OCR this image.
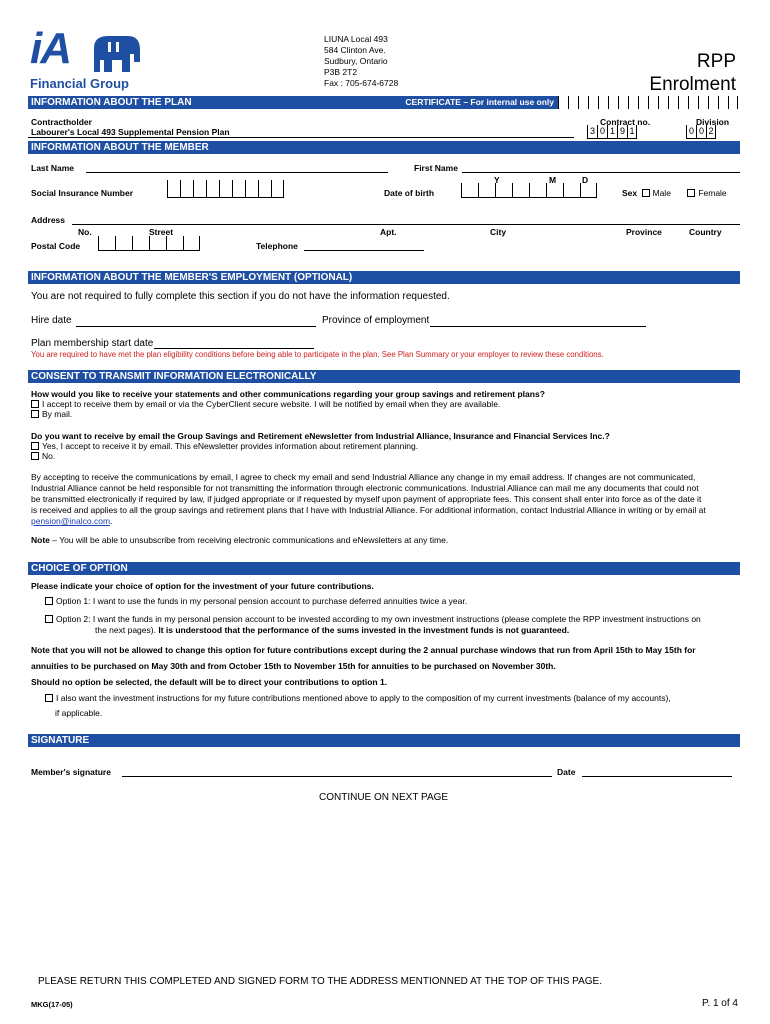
iA
Financial Group
LIUNA Local 493
584 Clinton Ave.
Sudbury, Ontario
P3B 2T2
Fax : 705-674-6728
RPP
Enrolment
INFORMATION ABOUT THE PLAN	CERTIFICATE – For internal use only
Contractholder
Labourer's Local 493 Supplemental Pension Plan
Contract no.
3 0 1 9 1
Division
0 0 2
INFORMATION ABOUT THE MEMBER
Last Name	First Name
Social Insurance Number	Date of birth
Y	M	D
Sex Male	Female
Address
No.	Street	Apt.	City	Province	Country
Postal Code	Telephone
INFORMATION ABOUT THE MEMBER'S EMPLOYMENT (OPTIONAL)
You are not required to fully complete this section if you do not have the information requested.
Hire date	Province of employment
Plan membership start date
You are required to have met the plan eligibility conditions before being able to participate in the plan. See Plan Summary or your employer to review these conditions.
CONSENT TO TRANSMIT INFORMATION ELECTRONICALLY
How would you like to receive your statements and other communications regarding your group savings and retirement plans?
I accept to receive them by email or via the CyberClient secure website. I will be notified by email when they are available.
By mail.
Do you want to receive by email the Group Savings and Retirement eNewsletter from Industrial Alliance, Insurance and Financial Services Inc.?
Yes, I accept to receive it by email. This eNewsletter provides information about retirement planning.
No.
By accepting to receive the communications by email, I agree to check my email and send Industrial Alliance any change in my email address. If changes are not communicated,
Industrial Alliance cannot be held responsible for not transmitting the information through electronic communications. Industrial Alliance can mail me any documents that could not
be transmitted electronically if required by law, if judged appropriate or if requested by myself upon payment of appropriate fees. This consent shall enter into force as of the date it
is received and applies to all the group savings and retirement plans that I have with Industrial Alliance. For additional information, contact Industrial Alliance in writing or by email at
pension@inalco.com.
Note – You will be able to unsubscribe from receiving electronic communications and eNewsletters at any time.
CHOICE OF OPTION
Please indicate your choice of option for the investment of your future contributions.
Option 1: I want to use the funds in my personal pension account to purchase deferred annuities twice a year.
Option 2: I want the funds in my personal pension account to be invested according to my own investment instructions (please complete the RPP investment instructions on
the next pages). It is understood that the performance of the sums invested in the investment funds is not guaranteed.
Note that you will not be allowed to change this option for future contributions except during the 2 annual purchase windows that run from April 15th to May 15th for
annuities to be purchased on May 30th and from October 15th to November 15th for annuities to be purchased on November 30th.
Should no option be selected, the default will be to direct your contributions to option 1.
I also want the investment instructions for my future contributions mentioned above to apply to the composition of my current investments (balance of my accounts),
if applicable.
SIGNATURE
Member's signature	Date
CONTINUE ON NEXT PAGE
PLEASE RETURN THIS COMPLETED AND SIGNED FORM TO THE ADDRESS MENTIONNED AT THE TOP OF THIS PAGE.
MKG(17-05)	P. 1 of 4
